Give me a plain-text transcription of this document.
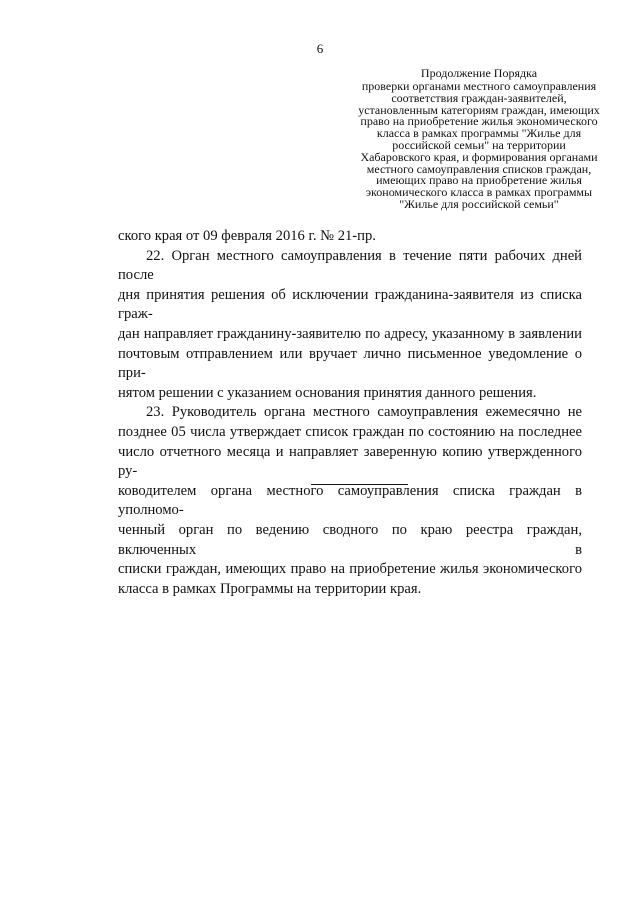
6
Продолжение Порядка
проверки органами местного самоуправления
соответствия граждан-заявителей,
установленным категориям граждан, имеющих
право на приобретение жилья экономического
класса в рамках программы "Жилье для
российской семьи" на территории
Хабаровского края, и формирования органами
местного самоуправления списков граждан,
имеющих право на приобретение жилья
экономического класса в рамках программы
"Жилье для российской семьи"
ского края от 09 февраля 2016 г. № 21-пр.
22. Орган местного самоуправления в течение пяти рабочих дней после
дня принятия решения об исключении гражданина-заявителя из списка граж-
дан направляет гражданину-заявителю по адресу, указанному в заявлении
почтовым отправлением или вручает лично письменное уведомление о при-
нятом решении с указанием основания принятия данного решения.
23. Руководитель органа местного самоуправления ежемесячно не
позднее 05 числа утверждает список граждан по состоянию на последнее
число отчетного месяца и направляет заверенную копию утвержденного ру-
ководителем органа местного самоуправления списка граждан в уполномо-
ченный орган по ведению сводного по краю реестра граждан, включенных в
списки граждан, имеющих право на приобретение жилья экономического
класса в рамках Программы на территории края.
